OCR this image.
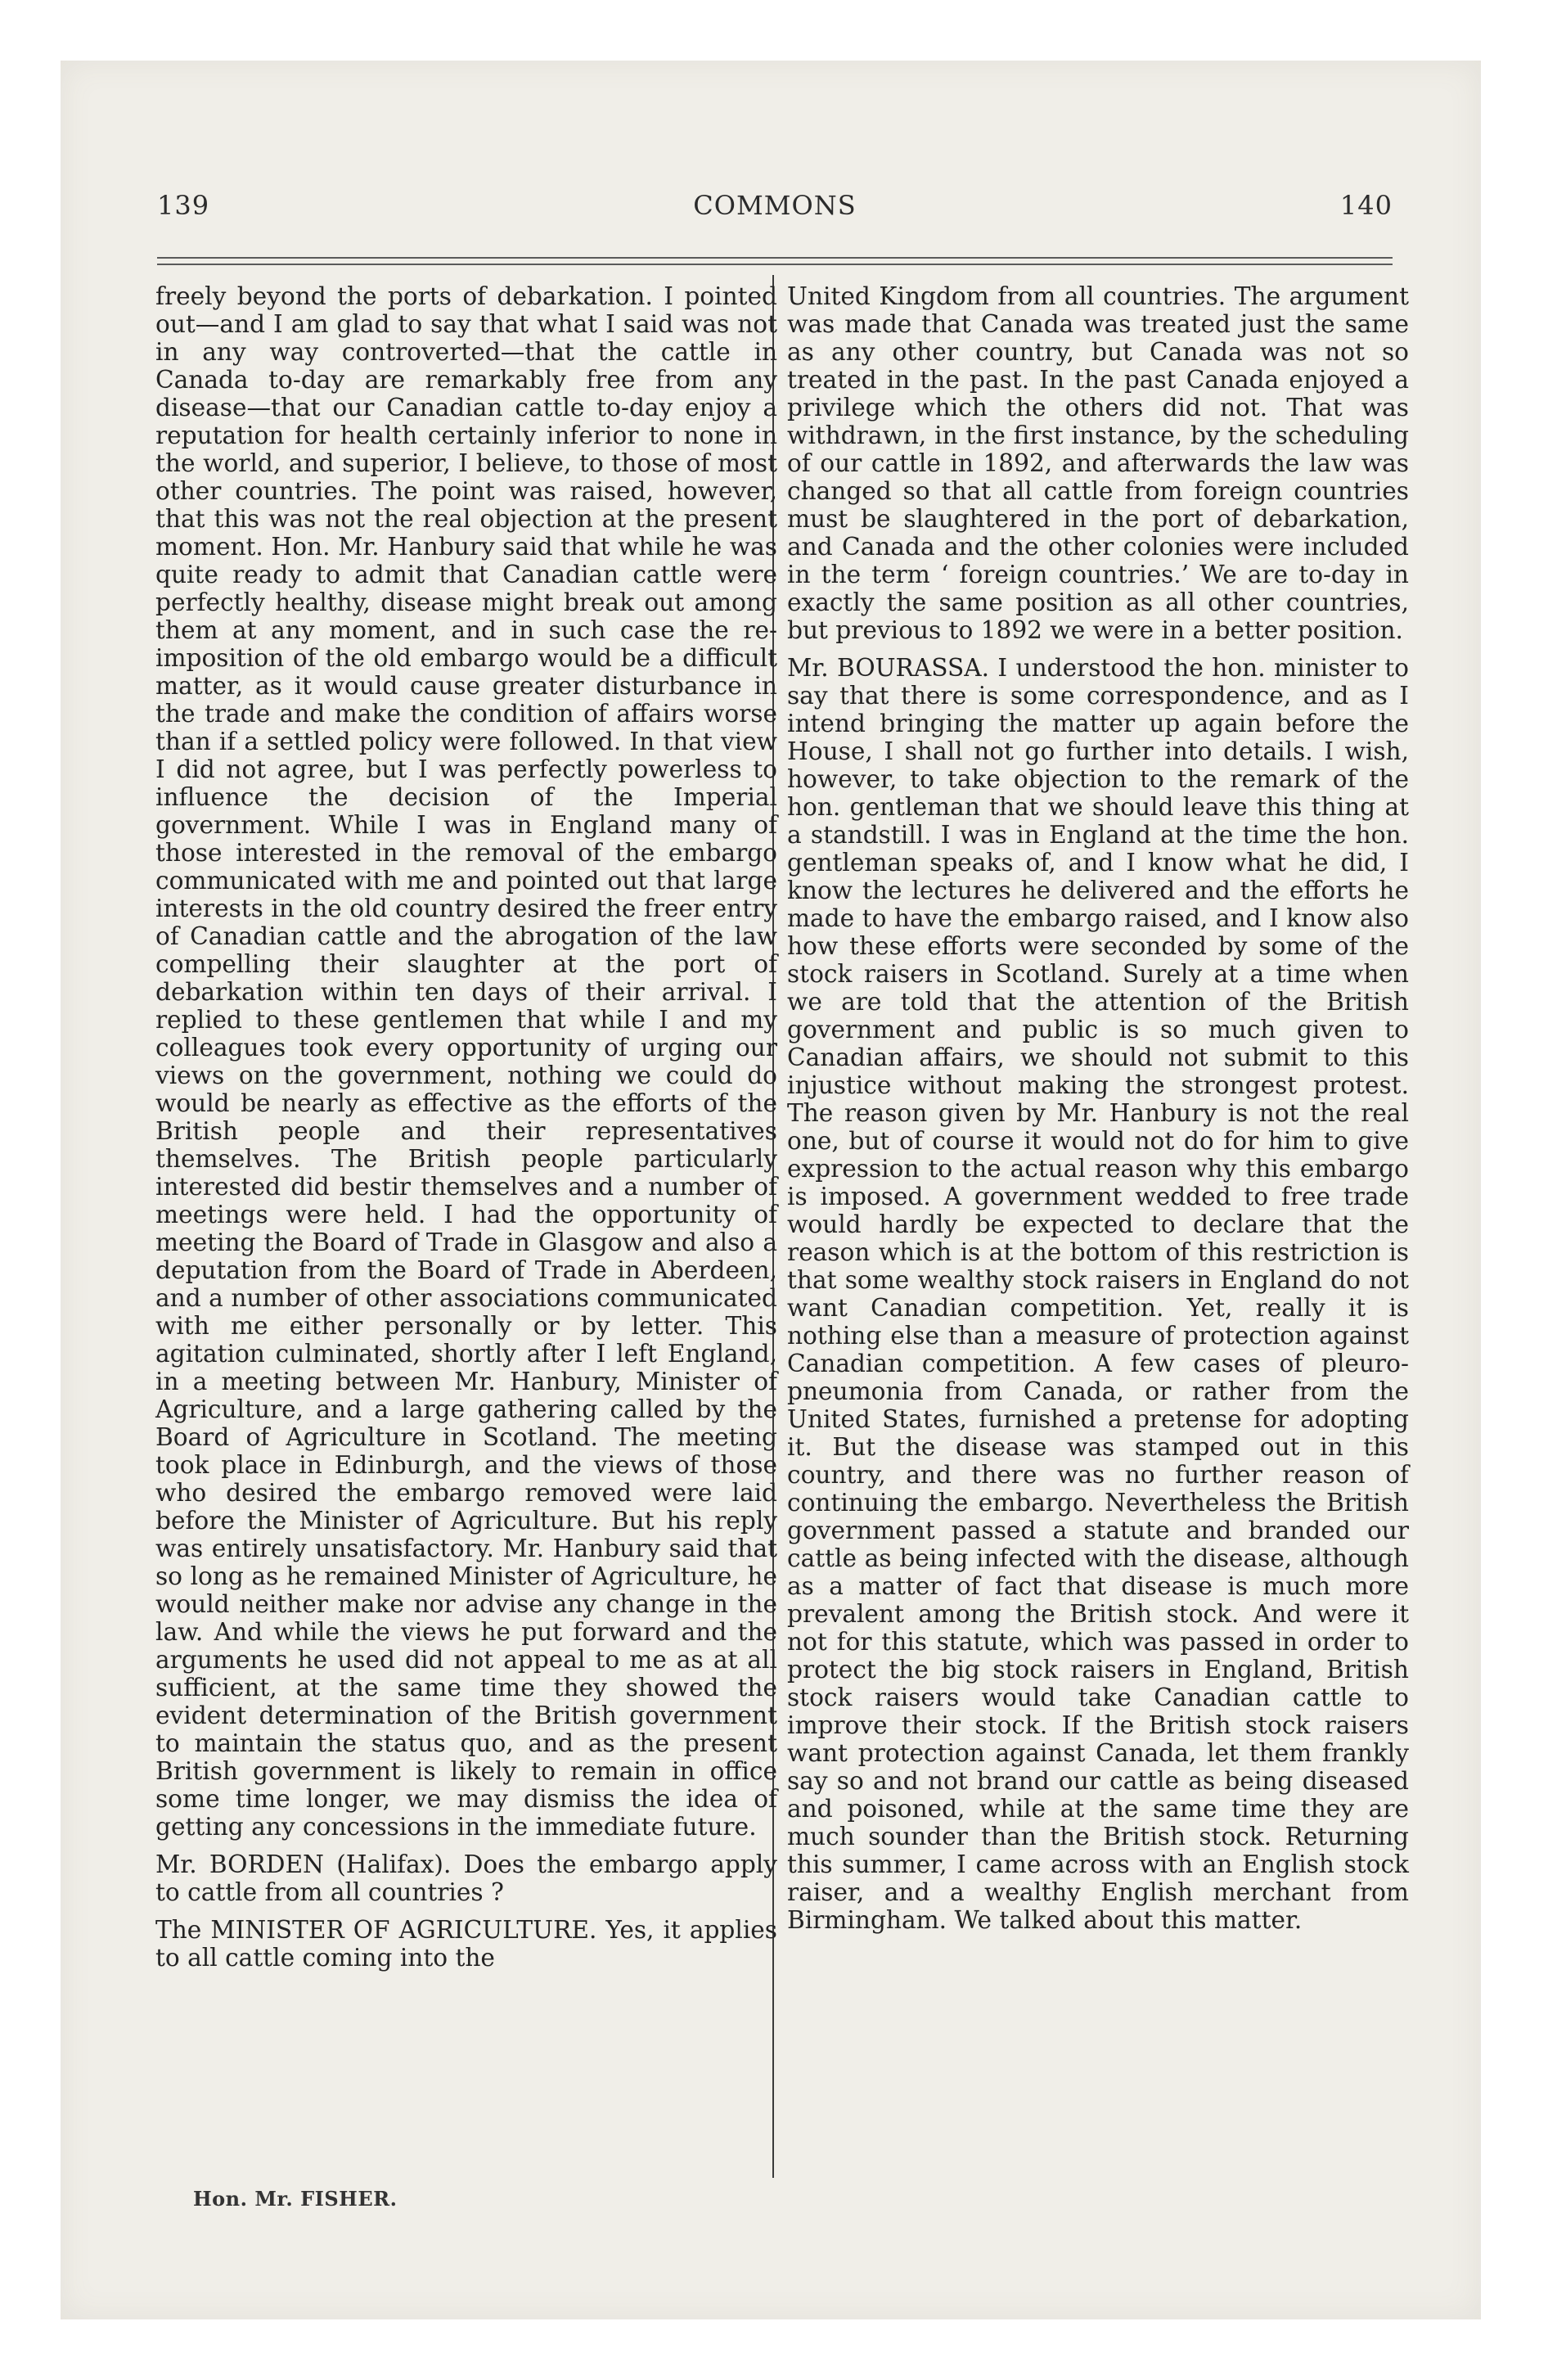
139	COMMONS	140

freely beyond the ports of debarkation. I pointed out—and I am glad to say that what I said was not in any way controverted—that the cattle in Canada to-day are remarkably free from any disease—that our Canadian cattle to-day enjoy a reputation for health certainly inferior to none in the world, and superior, I believe, to those of most other countries. The point was raised, however, that this was not the real objection at the present moment. Hon. Mr. Hanbury said that while he was quite ready to admit that Canadian cattle were perfectly healthy, disease might break out among them at any moment, and in such case the re-imposition of the old embargo would be a difficult matter, as it would cause greater disturbance in the trade and make the condition of affairs worse than if a settled policy were followed. In that view I did not agree, but I was perfectly powerless to influence the decision of the Imperial government. While I was in England many of those interested in the removal of the embargo communicated with me and pointed out that large interests in the old country desired the freer entry of Canadian cattle and the abrogation of the law compelling their slaughter at the port of debarkation within ten days of their arrival. I replied to these gentlemen that while I and my colleagues took every opportunity of urging our views on the government, nothing we could do would be nearly as effective as the efforts of the British people and their representatives themselves. The British people particularly interested did bestir themselves and a number of meetings were held. I had the opportunity of meeting the Board of Trade in Glasgow and also a deputation from the Board of Trade in Aberdeen, and a number of other associations communicated with me either personally or by letter. This agitation culminated, shortly after I left England, in a meeting between Mr. Hanbury, Minister of Agriculture, and a large gathering called by the Board of Agriculture in Scotland. The meeting took place in Edinburgh, and the views of those who desired the embargo removed were laid before the Minister of Agriculture. But his reply was entirely unsatisfactory. Mr. Hanbury said that so long as he remained Minister of Agriculture, he would neither make nor advise any change in the law. And while the views he put forward and the arguments he used did not appeal to me as at all sufficient, at the same time they showed the evident determination of the British government to maintain the status quo, and as the present British government is likely to remain in office some time longer, we may dismiss the idea of getting any concessions in the immediate future.

Mr. BORDEN (Halifax). Does the embargo apply to cattle from all countries ?

The MINISTER OF AGRICULTURE. Yes, it applies to all cattle coming into the

United Kingdom from all countries. The argument was made that Canada was treated just the same as any other country, but Canada was not so treated in the past. In the past Canada enjoyed a privilege which the others did not. That was withdrawn, in the first instance, by the scheduling of our cattle in 1892, and afterwards the law was changed so that all cattle from foreign countries must be slaughtered in the port of debarkation, and Canada and the other colonies were included in the term ‘ foreign countries.’ We are to-day in exactly the same position as all other countries, but previous to 1892 we were in a better position.

Mr. BOURASSA. I understood the hon. minister to say that there is some correspondence, and as I intend bringing the matter up again before the House, I shall not go further into details. I wish, however, to take objection to the remark of the hon. gentleman that we should leave this thing at a standstill. I was in England at the time the hon. gentleman speaks of, and I know what he did, I know the lectures he delivered and the efforts he made to have the embargo raised, and I know also how these efforts were seconded by some of the stock raisers in Scotland. Surely at a time when we are told that the attention of the British government and public is so much given to Canadian affairs, we should not submit to this injustice without making the strongest protest. The reason given by Mr. Hanbury is not the real one, but of course it would not do for him to give expression to the actual reason why this embargo is imposed. A government wedded to free trade would hardly be expected to declare that the reason which is at the bottom of this restriction is that some wealthy stock raisers in England do not want Canadian competition. Yet, really it is nothing else than a measure of protection against Canadian competition. A few cases of pleuro-pneumonia from Canada, or rather from the United States, furnished a pretense for adopting it. But the disease was stamped out in this country, and there was no further reason of continuing the embargo. Nevertheless the British government passed a statute and branded our cattle as being infected with the disease, although as a matter of fact that disease is much more prevalent among the British stock. And were it not for this statute, which was passed in order to protect the big stock raisers in England, British stock raisers would take Canadian cattle to improve their stock. If the British stock raisers want protection against Canada, let them frankly say so and not brand our cattle as being diseased and poisoned, while at the same time they are much sounder than the British stock. Returning this summer, I came across with an English stock raiser, and a wealthy English merchant from Birmingham. We talked about this matter.

Hon. Mr. FISHER.
